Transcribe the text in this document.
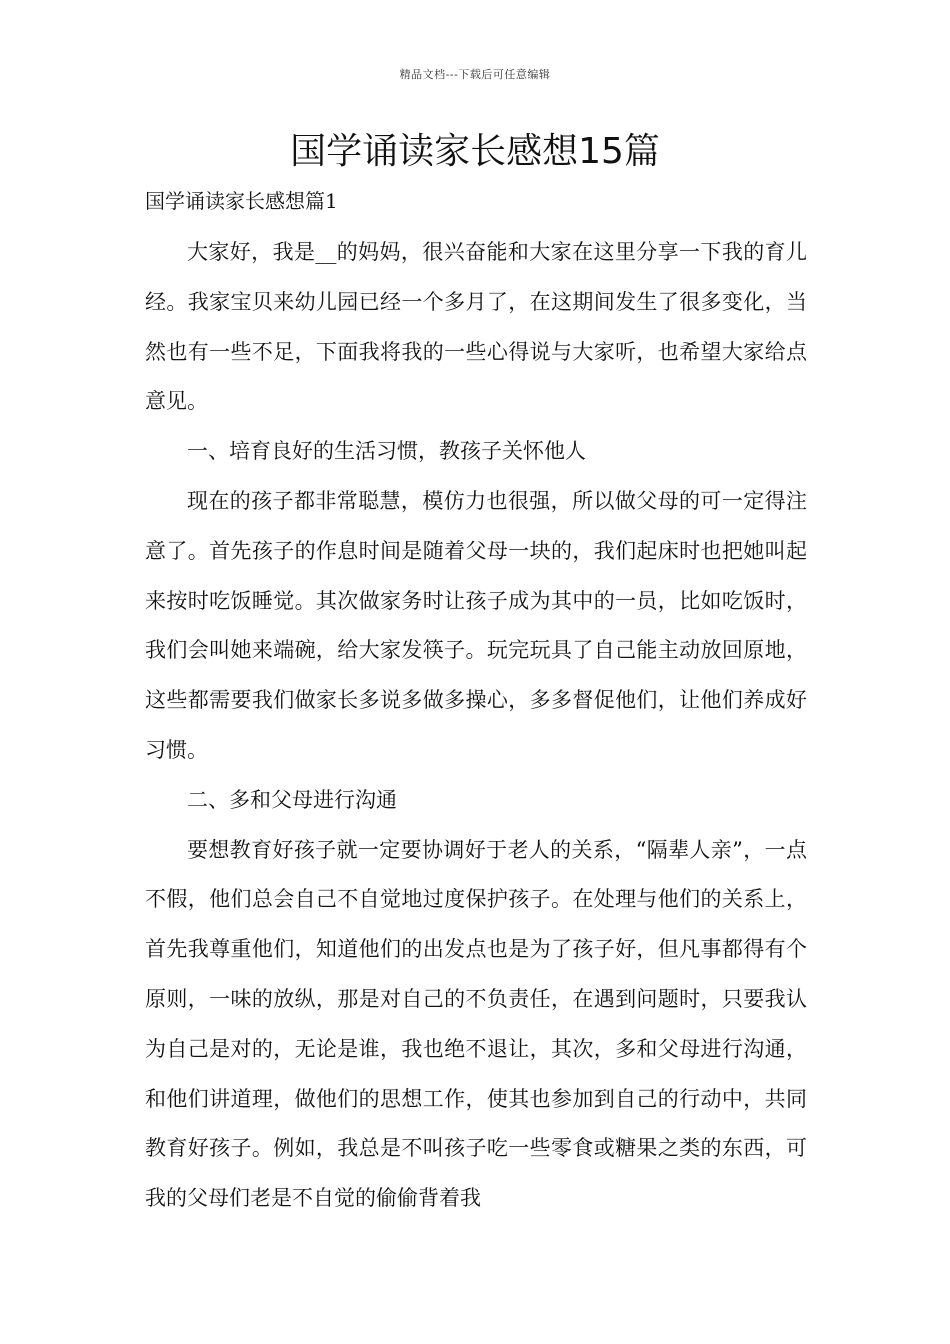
精品文档---下载后可任意编辑
国学诵读家长感想15篇
国学诵读家长感想篇1

大家好，我是__的妈妈，很兴奋能和大家在这里分享一下我的育儿经。我家宝贝来幼儿园已经一个多月了，在这期间发生了很多变化，当然也有一些不足，下面我将我的一些心得说与大家听，也希望大家给点意见。

一、培育良好的生活习惯，教孩子关怀他人

现在的孩子都非常聪慧，模仿力也很强，所以做父母的可一定得注意了。首先孩子的作息时间是随着父母一块的，我们起床时也把她叫起来按时吃饭睡觉。其次做家务时让孩子成为其中的一员，比如吃饭时，我们会叫她来端碗，给大家发筷子。玩完玩具了自己能主动放回原地，这些都需要我们做家长多说多做多操心，多多督促他们，让他们养成好习惯。

二、多和父母进行沟通

要想教育好孩子就一定要协调好于老人的关系，“隔辈人亲”，一点不假，他们总会自己不自觉地过度保护孩子。在处理与他们的关系上，首先我尊重他们，知道他们的出发点也是为了孩子好，但凡事都得有个原则，一味的放纵，那是对自己的不负责任，在遇到问题时，只要我认为自己是对的，无论是谁，我也绝不退让，其次，多和父母进行沟通，和他们讲道理，做他们的思想工作，使其也参加到自己的行动中，共同教育好孩子。例如，我总是不叫孩子吃一些零食或糖果之类的东西，可我的父母们老是不自觉的偷偷背着我
